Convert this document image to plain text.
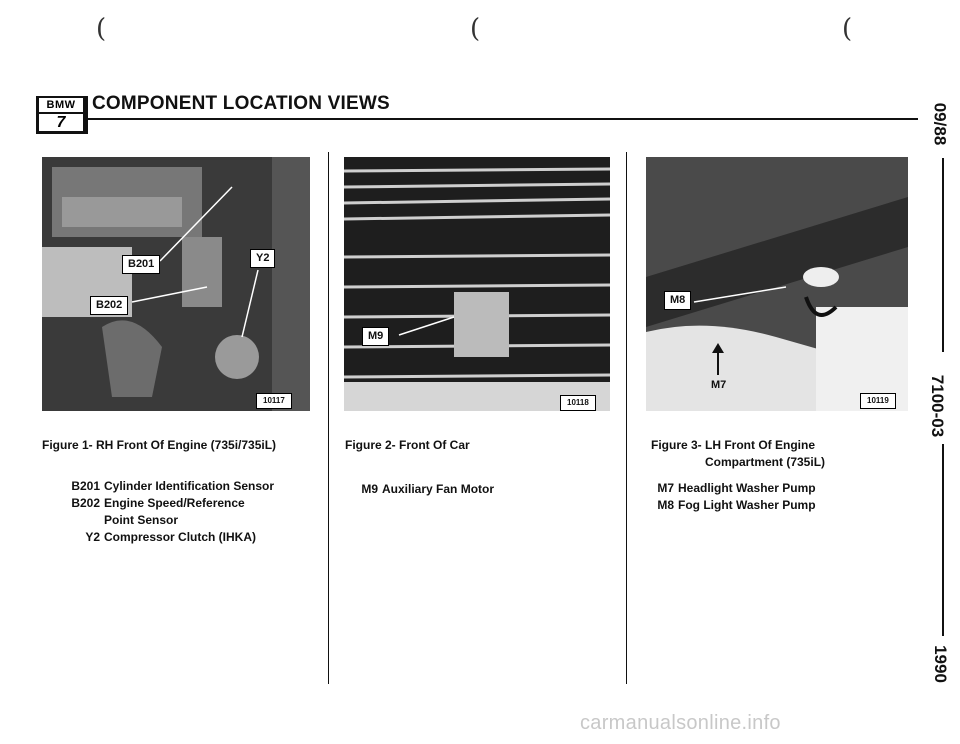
(	(	(
BMW
7
COMPONENT LOCATION VIEWS
B201
B202
Y2
10117
M9
10118
M8
M7
10119
Figure 1- RH Front Of Engine (735i/735iL)
B201 Cylinder Identification Sensor
B202 Engine Speed/Reference
Point Sensor
Y2 Compressor Clutch (IHKA)
Figure 2- Front Of Car
M9 Auxiliary Fan Motor
Figure 3- LH Front Of Engine
Compartment (735iL)
M7 Headlight Washer Pump
M8 Fog Light Washer Pump
09/88
7100-03
1990
carmanualsonline.info
